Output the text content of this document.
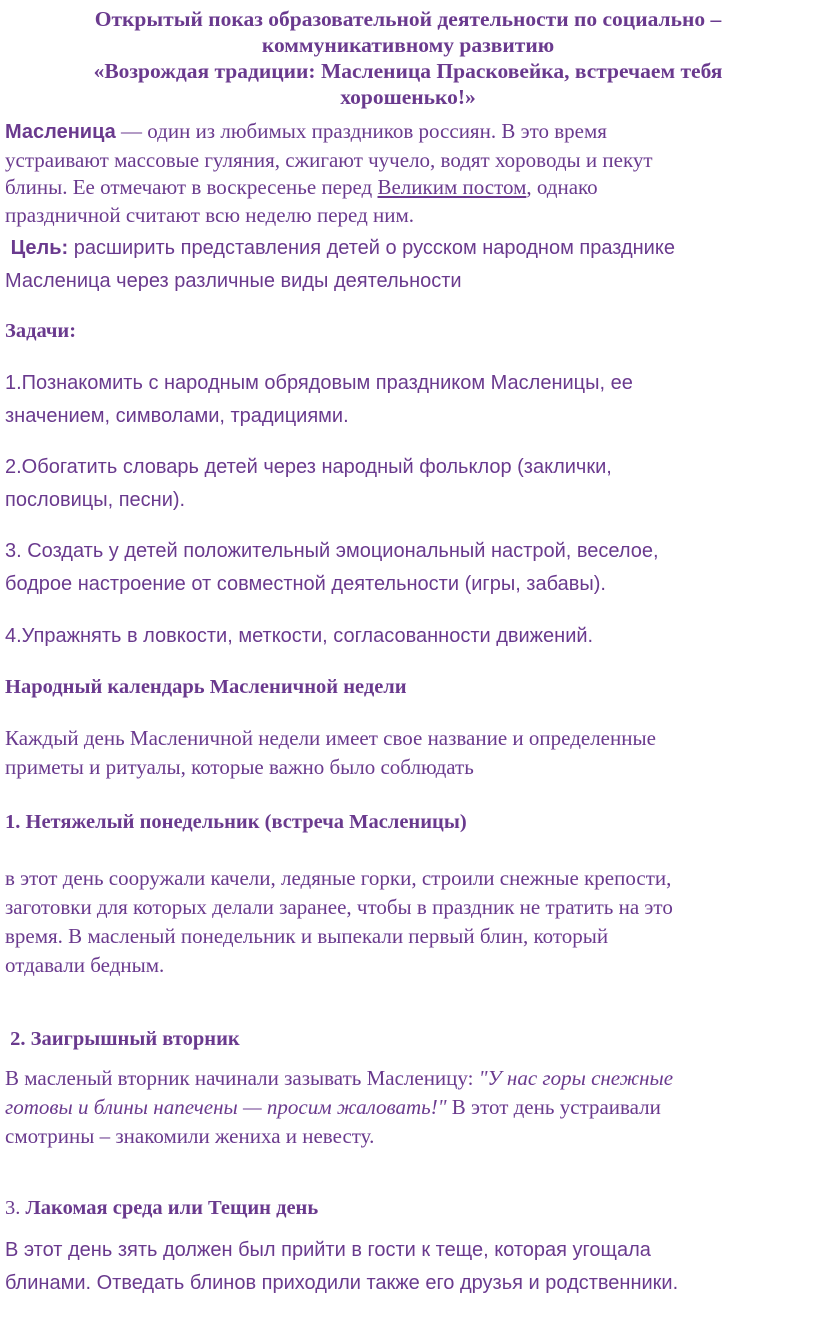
Открытый показ образовательной деятельности по социально –
коммуникативному развитию
«Возрождая традиции: Масленица Прасковейка, встречаем тебя
хорошенько!»
Масленица — один из любимых праздников россиян. В это время
устраивают массовые гуляния, сжигают чучело, водят хороводы и пекут
блины. Ее отмечают в воскресенье перед Великим постом, однако
праздничной считают всю неделю перед ним.
Цель: расширить представления детей о русском народном празднике
Масленица через различные виды деятельности
Задачи:
1.Познакомить с народным обрядовым праздником Масленицы, ее
значением, символами, традициями.
2.Обогатить словарь детей через народный фольклор (заклички,
пословицы, песни).
3. Создать у детей положительный эмоциональный настрой, веселое,
бодрое настроение от совместной деятельности (игры, забавы).
4.Упражнять в ловкости, меткости, согласованности движений.
Народный календарь Масленичной недели
Каждый день Масленичной недели имеет свое название и определенные
приметы и ритуалы, которые важно было соблюдать
1. Нетяжелый понедельник (встреча Масленицы)
в этот день сооружали качели, ледяные горки, строили снежные крепости,
заготовки для которых делали заранее, чтобы в праздник не тратить на это
время. В масленый понедельник и выпекали первый блин, который
отдавали бедным.
2. Заигрышный вторник
В масленый вторник начинали зазывать Масленицу: "У нас горы снежные
готовы и блины напечены — просим жаловать!" В этот день устраивали
смотрины – знакомили жениха и невесту.
3. Лакомая среда или Тещин день
В этот день зять должен был прийти в гости к теще, которая угощала
блинами. Отведать блинов приходили также его друзья и родственники.
